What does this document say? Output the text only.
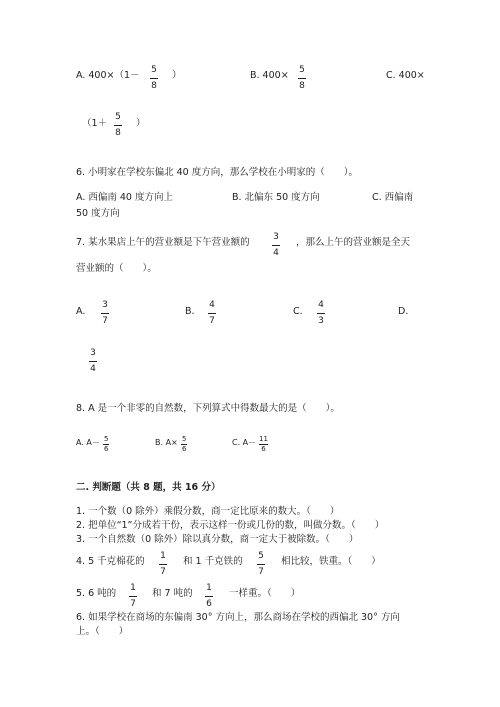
A. 400×（1－ 5
8
）	B. 400× 5
8
C. 400×
（1＋
5
8
）
6. 小明家在学校东偏北 40 度方向，那么学校在小明家的（　　）。
A. 西偏南 40 度方向上	B. 北偏东 50 度方向	C. 西偏南
50 度方向
7. 某水果店上午的营业额是下午营业额的	3
4
，那么上午的营业额是全天
营业额的（　　）。
A.
3
7
B.
4
7
C.
4
3
D.
3
4
8. A 是一个非零的自然数，下列算式中得数最大的是（　　）。
A. A－ 5
6
B. A× 5
6
C. A－ 11
6
二. 判断题（共 8 题，共 16 分）
1. 一个数（0 除外）乘假分数，商一定比原来的数大。（　　）
2. 把单位“1”分成若干份，表示这样一份或几份的数，叫做分数。（　　）
3. 一个自然数（0 除外）除以真分数，商一定大于被除数。（　　）
4. 5 千克棉花的 1
7
和 1 千克铁的 5
7
相比较，铁重。（　　）
5. 6 吨的 1
7
和 7 吨的 1
6
一样重。（　　）
6. 如果学校在商场的东偏南 30° 方向上，那么商场在学校的西偏北 30° 方向
上。（　　）
